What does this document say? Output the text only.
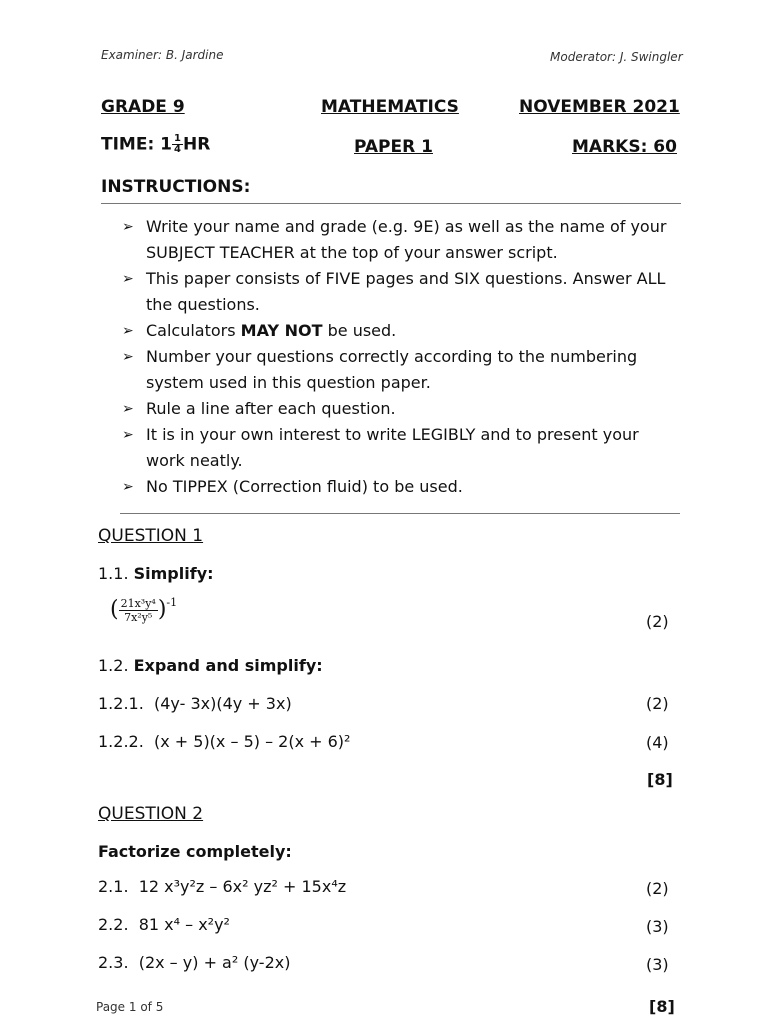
Examiner: B. Jardine	Moderator: J. Swingler
GRADE 9	MATHEMATICS	NOVEMBER 2021
TIME: $1 \frac{1}{4}$ HR	PAPER 1	MARKS: 60
INSTRUCTIONS:
➢ Write your name and grade (e.g. 9E) as well as the name of your SUBJECT TEACHER at the top of your answer script.
➢ This paper consists of FIVE pages and SIX questions. Answer ALL the questions.
➢ Calculators MAY NOT be used.
➢ Number your questions correctly according to the numbering system used in this question paper.
➢ Rule a line after each question.
➢ It is in your own interest to write LEGIBLY and to present your work neatly.
➢ No TIPPEX (Correction fluid) to be used.
QUESTION 1
1.1. Simplify:
( $\frac{\text{21x³y⁴}}{\text{7x²y⁵}} )^{-1}$
(2)
1.2. Expand and simplify:
1.2.1. (4y- 3x)(4y + 3x)	(2)
1.2.2. (x + 5)(x – 5) – 2(x + 6)²	(4)
[8]
QUESTION 2
Factorize completely:
2.1. 12 x³y²z – 6x² yz² + 15x⁴z	(2)
2.2. 81 x⁴ – x²y²	(3)
2.3. (2x – y) + a² (y-2x)	(3)
Page 1 of 5	[8]
